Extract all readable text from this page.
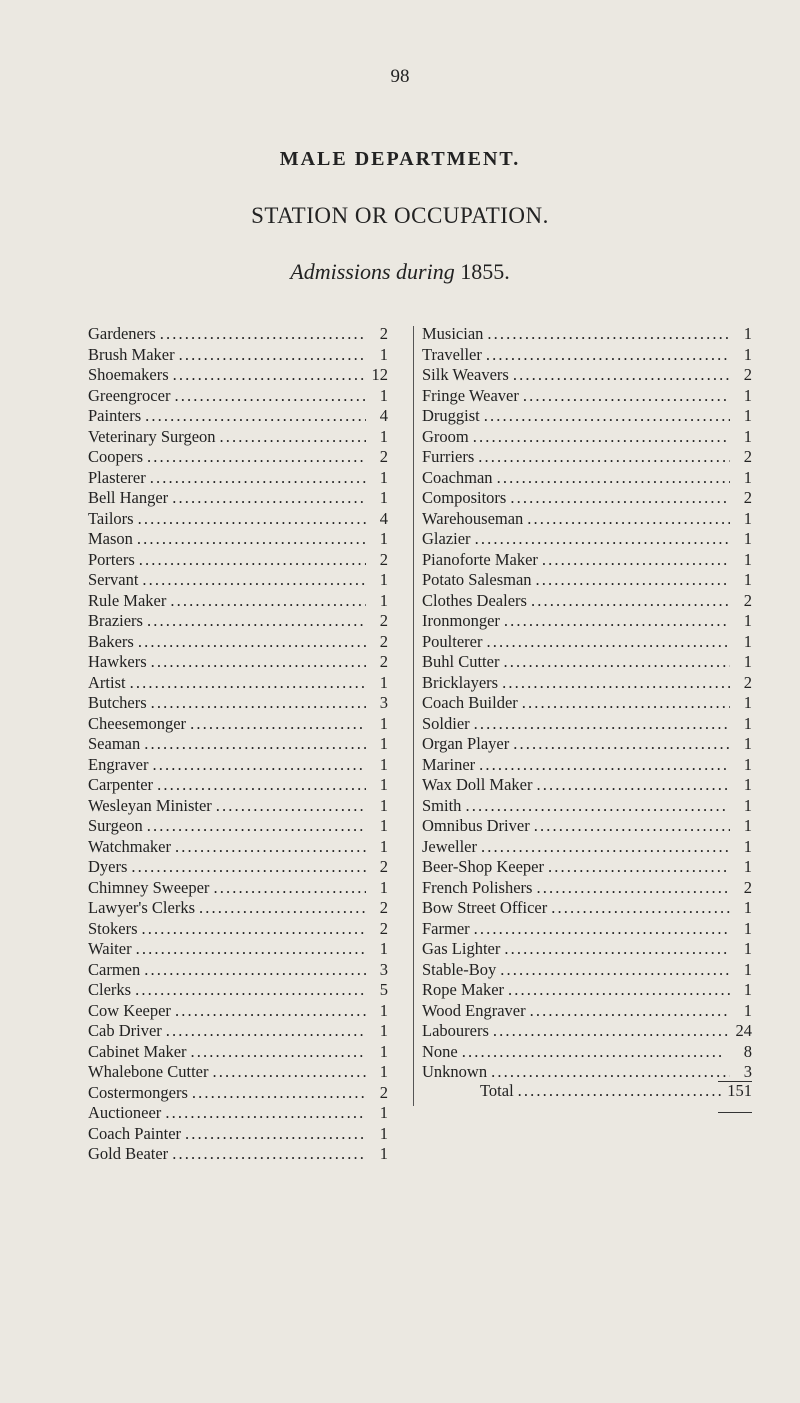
98
MALE DEPARTMENT.
STATION OR OCCUPATION.
Admissions during 1855.
Gardeners . . .	2
Brush Maker . . .	1
Shoemakers . . .	12
Greengrocer . . .	1
Painters . . .	4
Veterinary Surgeon . . .	1
Coopers . . .	2
Plasterer . . .	1
Bell Hanger . . .	1
Tailors . . .	4
Mason . . .	1
Porters . . .	2
Servant . . .	1
Rule Maker . . .	1
Braziers . . .	2
Bakers . . .	2
Hawkers . . .	2
Artist . . .	1
Butchers . . .	3
Cheesemonger . . .	1
Seaman . . .	1
Engraver . . .	1
Carpenter . . .	1
Wesleyan Minister . . .	1
Surgeon . . .	1
Watchmaker . . .	1
Dyers . . .	2
Chimney Sweeper . . .	1
Lawyer's Clerks . . .	2
Stokers . . .	2
Waiter . . .	1
Carmen . . .	3
Clerks . . .	5
Cow Keeper . . .	1
Cab Driver . . .	1
Cabinet Maker . . .	1
Whalebone Cutter . . .	1
Costermongers . . .	2
Auctioneer . . .	1
Coach Painter . . .	1
Gold Beater . . .	1
Musician . . .	1
Traveller . . .	1
Silk Weavers . . .	2
Fringe Weaver . . .	1
Druggist . . .	1
Groom . . .	1
Furriers . . .	2
Coachman . . .	1
Compositors . . .	2
Warehouseman . . .	1
Glazier . . .	1
Pianoforte Maker . . .	1
Potato Salesman . . .	1
Clothes Dealers . . .	2
Ironmonger . . .	1
Poulterer . . .	1
Buhl Cutter . . .	1
Bricklayers . . .	2
Coach Builder . . .	1
Soldier . . .	1
Organ Player . . .	1
Mariner . . .	1
Wax Doll Maker . . .	1
Smith . . .	1
Omnibus Driver . . .	1
Jeweller . . .	1
Beer-Shop Keeper . . .	1
French Polishers . . .	2
Bow Street Officer . . .	1
Farmer . . .	1
Gas Lighter . . .	1
Stable-Boy . . .	1
Rope Maker . . .	1
Wood Engraver . . .	1
Labourers . . .	24
None . . .	8
Unknown . . .	3
Total . . .	151
